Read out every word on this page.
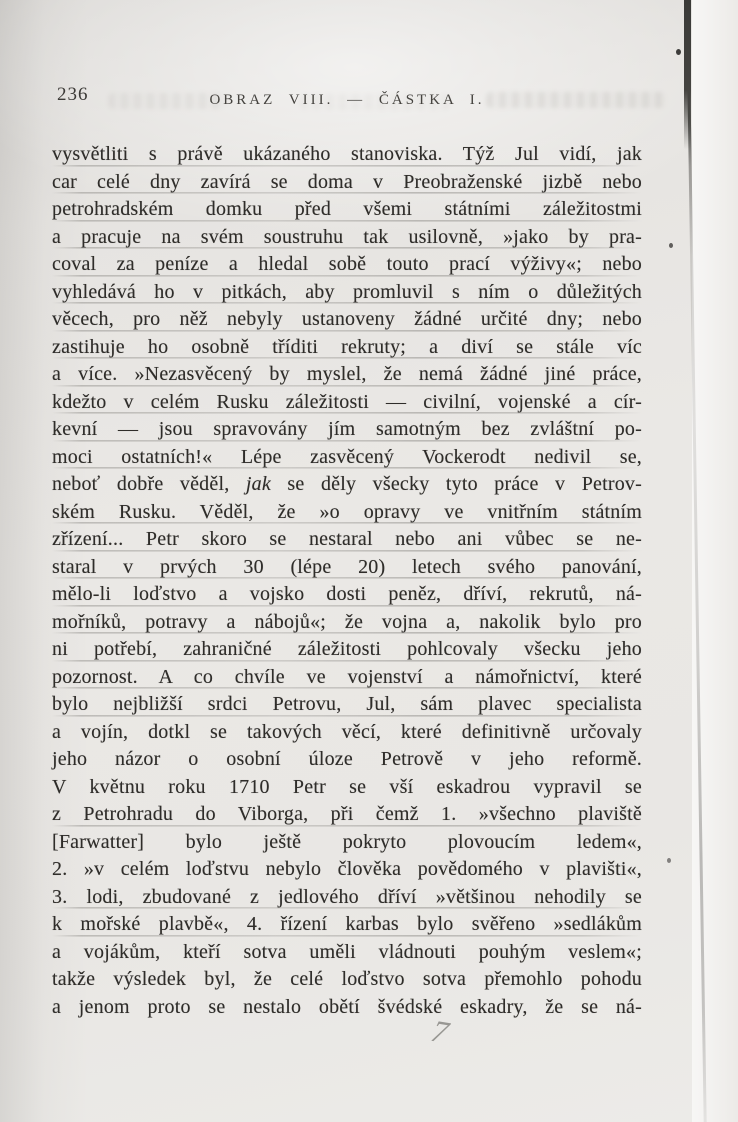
236	OBRAZ VIII. — ČÁSTKA I.
vysvětliti s právě ukázaného stanoviska. Týž Jul vidí, jak
car celé dny zavírá se doma v Preobraženské jizbě nebo
petrohradském domku před všemi státními záležitostmi
a pracuje na svém soustruhu tak usilovně, »jako by pra-
coval za peníze a hledal sobě touto prací výživy«; nebo
vyhledává ho v pitkách, aby promluvil s ním o důležitých
věcech, pro něž nebyly ustanoveny žádné určité dny; nebo
zastihuje ho osobně tříditi rekruty; a diví se stále víc
a více. »Nezasvěcený by myslel, že nemá žádné jiné práce,
kdežto v celém Rusku záležitosti — civilní, vojenské a cír-
kevní — jsou spravovány jím samotným bez zvláštní po-
moci ostatních!« Lépe zasvěcený Vockerodt nedivil se,
neboť dobře věděl, jak se děly všecky tyto práce v Petrov-
ském Rusku. Věděl, že »o opravy ve vnitřním státním
zřízení... Petr skoro se nestaral nebo ani vůbec se ne-
staral v prvých 30 (lépe 20) letech svého panování,
mělo-li loďstvo a vojsko dosti peněz, dříví, rekrutů, ná-
mořníků, potravy a nábojů«; že vojna a, nakolik bylo pro
ni potřebí, zahraničné záležitosti pohlcovaly všecku jeho
pozornost. A co chvíle ve vojenství a námořnictví, které
bylo nejbližší srdci Petrovu, Jul, sám plavec specialista
a vojín, dotkl se takových věcí, které definitivně určovaly
jeho názor o osobní úloze Petrově v jeho reformě.
V květnu roku 1710 Petr se vší eskadrou vypravil se
z Petrohradu do Viborga, při čemž 1. »všechno plaviště
[Farwatter] bylo ještě pokryto plovoucím ledem«,
2. »v celém loďstvu nebylo člověka povědomého v plavišti«,
3. lodi, zbudované z jedlového dříví »většinou nehodily se
k mořské plavbě«, 4. řízení karbas bylo svěřeno »sedlákům
a vojákům, kteří sotva uměli vládnouti pouhým veslem«;
takže výsledek byl, že celé loďstvo sotva přemohlo pohodu
a jenom proto se nestalo obětí švédské eskadry, že se ná-
7
